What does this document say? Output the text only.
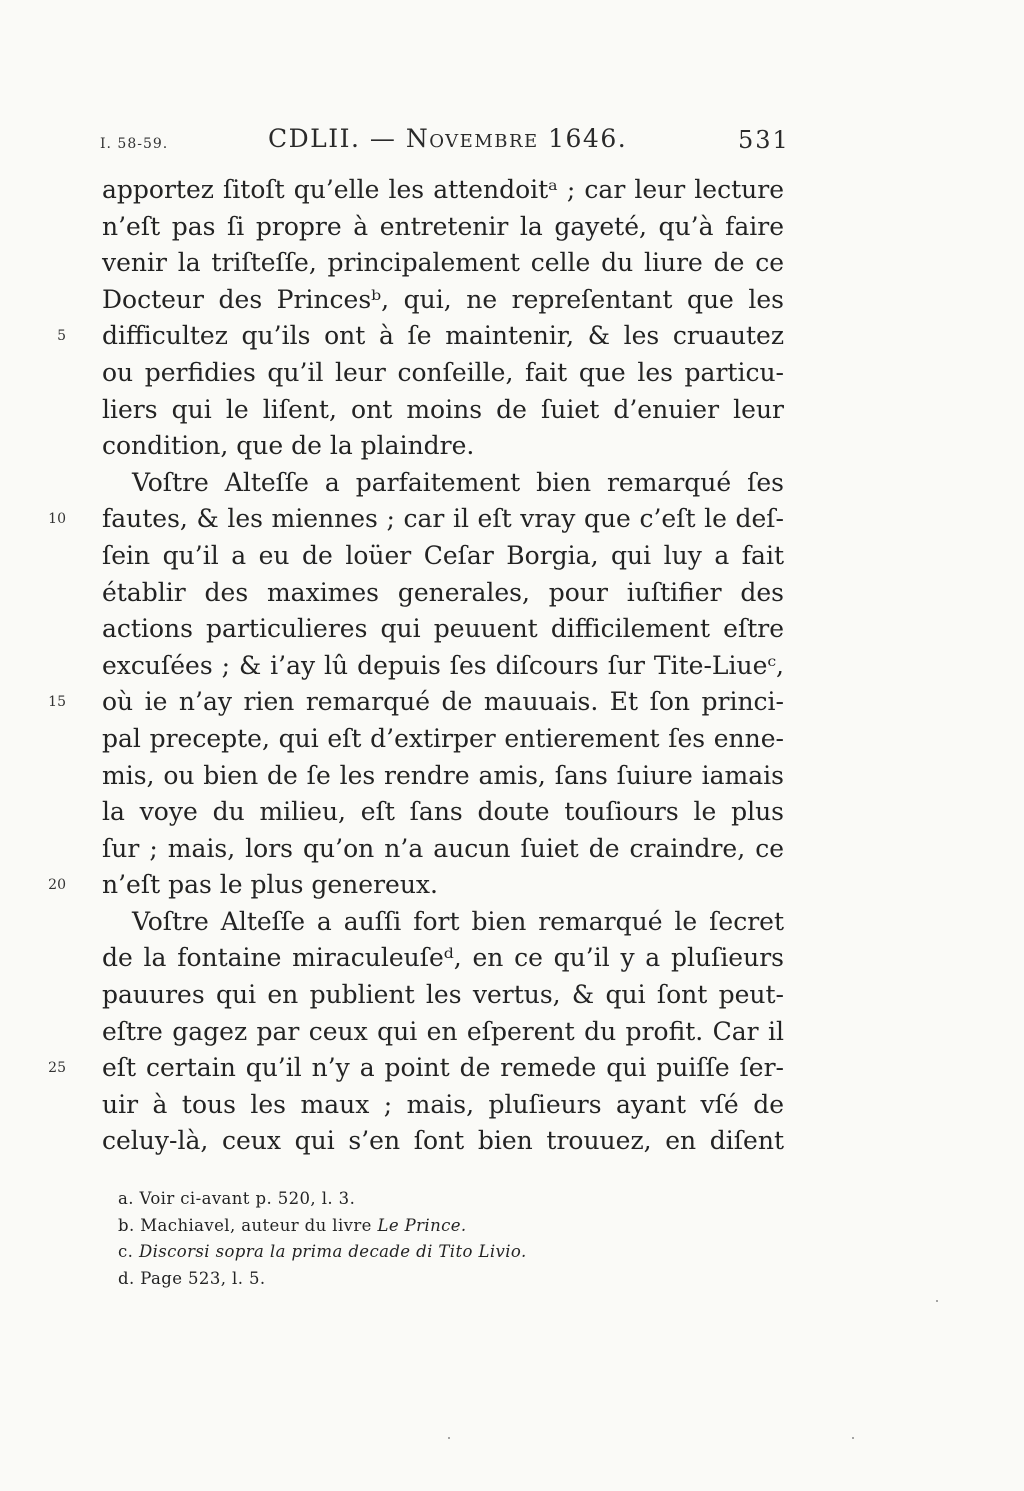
I. 58-59.	CDLII. — Novembre 1646.	531
apportez ſitoſt qu’elle les attendoitᵃ ; car leur lecture
n’eſt pas ſi propre à entretenir la gayeté, qu’à faire
venir la triſteſſe, principalement celle du liure de ce
Docteur des Princesᵇ, qui, ne repreſentant que les
5 difficultez qu’ils ont à ſe maintenir, & les cruautez
ou perfidies qu’il leur conſeille, fait que les particu-
liers qui le liſent, ont moins de ſuiet d’enuier leur
condition, que de la plaindre.
Voſtre Alteſſe a parfaitement bien remarqué ſes
10 fautes, & les miennes ; car il eſt vray que c’eſt le deſ-
ſein qu’il a eu de loüer Ceſar Borgia, qui luy a fait
établir des maximes generales, pour iuſtifier des
actions particulieres qui peuuent difficilement eſtre
excuſées ; & i’ay lû depuis ſes diſcours ſur Tite-Liueᶜ,
15 où ie n’ay rien remarqué de mauuais. Et ſon princi-
pal precepte, qui eſt d’extirper entierement ſes enne-
mis, ou bien de ſe les rendre amis, ſans ſuiure iamais
la voye du milieu, eſt ſans doute touſiours le plus
ſur ; mais, lors qu’on n’a aucun ſuiet de craindre, ce
20 n’eſt pas le plus genereux.
Voſtre Alteſſe a auſſi fort bien remarqué le ſecret
de la fontaine miraculeuſeᵈ, en ce qu’il y a pluſieurs
pauures qui en publient les vertus, & qui ſont peut-
eſtre gagez par ceux qui en eſperent du profit. Car il
25 eſt certain qu’il n’y a point de remede qui puiſſe ſer-
uir à tous les maux ; mais, pluſieurs ayant vſé de
celuy-là, ceux qui s’en ſont bien trouuez, en diſent
a. Voir ci-avant p. 520, l. 3.
b. Machiavel, auteur du livre Le Prince.
c. Discorsi sopra la prima decade di Tito Livio.
d. Page 523, l. 5.
